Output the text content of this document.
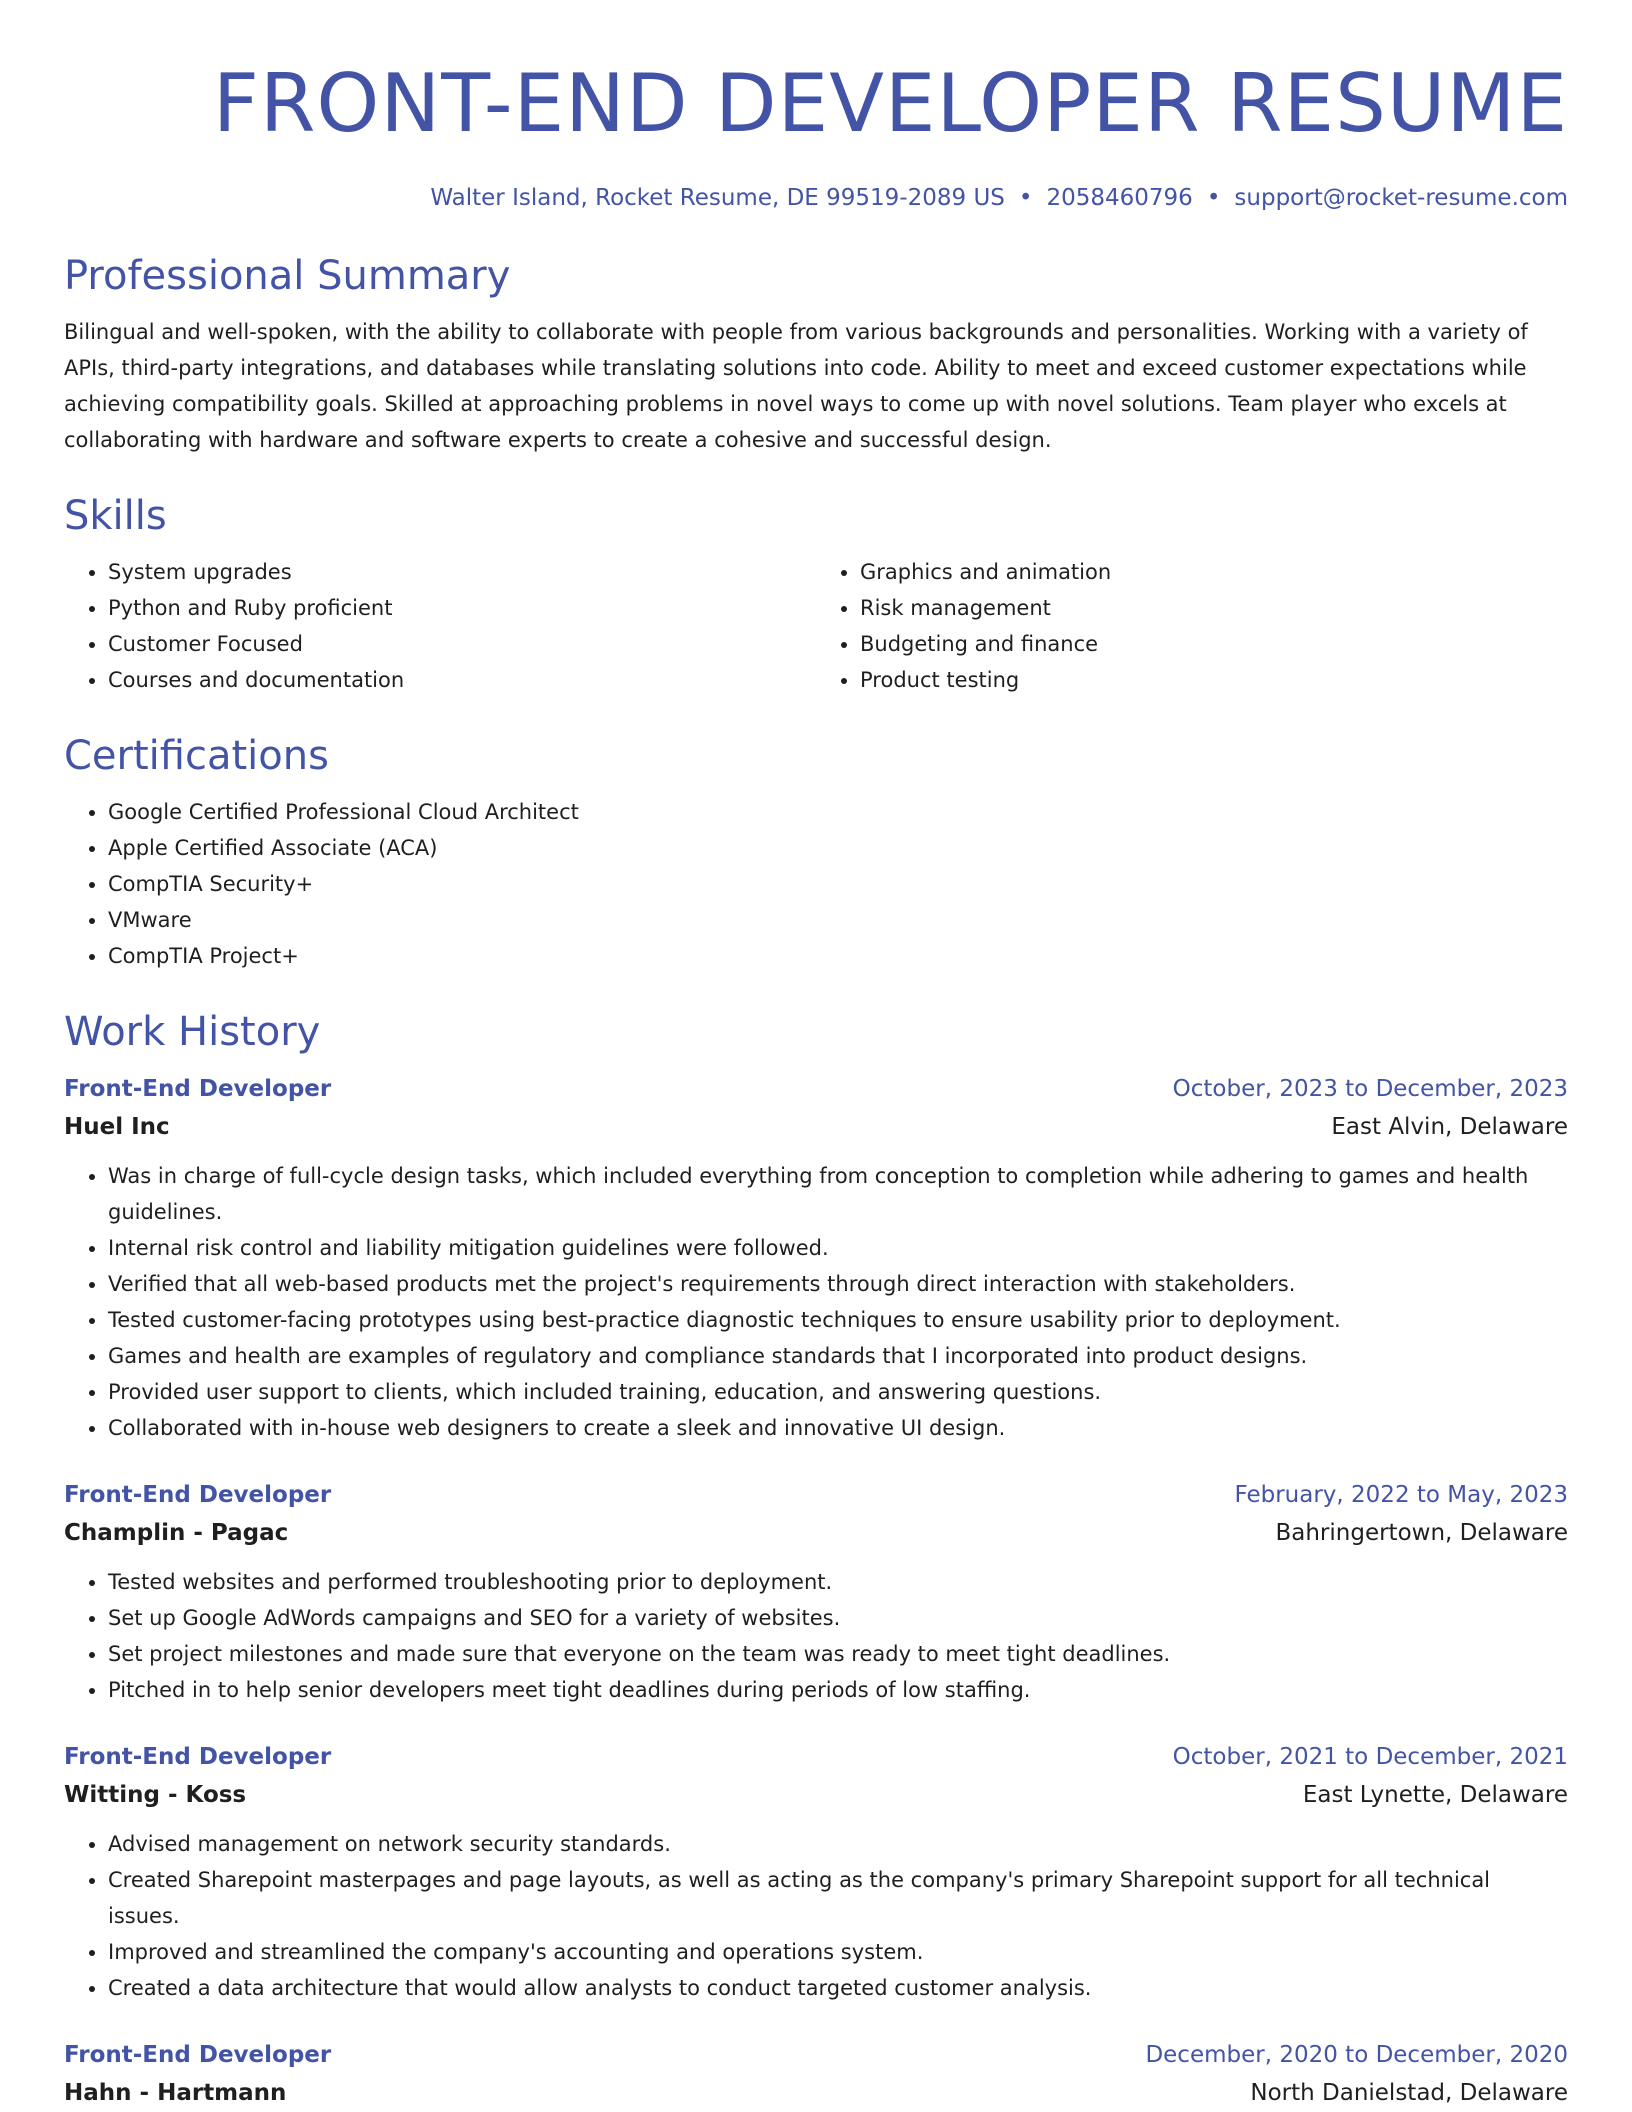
FRONT-END DEVELOPER RESUME
Walter Island, Rocket Resume, DE 99519-2089 US • 2058460796 • support@rocket-resume.com
Professional Summary

Bilingual and well-spoken, with the ability to collaborate with people from various backgrounds and personalities. Working with a variety of APIs, third-party integrations, and databases while translating solutions into code. Ability to meet and exceed customer expectations while achieving compatibility goals. Skilled at approaching problems in novel ways to come up with novel solutions. Team player who excels at collaborating with hardware and software experts to create a cohesive and successful design.

Skills
• System upgrades
• Python and Ruby proficient
• Customer Focused
• Courses and documentation
• Graphics and animation
• Risk management
• Budgeting and finance
• Product testing
Certifications
• Google Certified Professional Cloud Architect
• Apple Certified Associate (ACA)
• CompTIA Security+
• VMware
• CompTIA Project+
Work History
Front-End Developer	October, 2023 to December, 2023
Huel Inc	East Alvin, Delaware
• Was in charge of full-cycle design tasks, which included everything from conception to completion while adhering to games and health guidelines.
• Internal risk control and liability mitigation guidelines were followed.
• Verified that all web-based products met the project's requirements through direct interaction with stakeholders.
• Tested customer-facing prototypes using best-practice diagnostic techniques to ensure usability prior to deployment.
• Games and health are examples of regulatory and compliance standards that I incorporated into product designs.
• Provided user support to clients, which included training, education, and answering questions.
• Collaborated with in-house web designers to create a sleek and innovative UI design.
Front-End Developer	February, 2022 to May, 2023
Champlin - Pagac	Bahringertown, Delaware
• Tested websites and performed troubleshooting prior to deployment.
• Set up Google AdWords campaigns and SEO for a variety of websites.
• Set project milestones and made sure that everyone on the team was ready to meet tight deadlines.
• Pitched in to help senior developers meet tight deadlines during periods of low staffing.
Front-End Developer	October, 2021 to December, 2021
Witting - Koss	East Lynette, Delaware
• Advised management on network security standards.
• Created Sharepoint masterpages and page layouts, as well as acting as the company's primary Sharepoint support for all technical issues.
• Improved and streamlined the company's accounting and operations system.
• Created a data architecture that would allow analysts to conduct targeted customer analysis.
Front-End Developer	December, 2020 to December, 2020
Hahn - Hartmann	North Danielstad, Delaware
